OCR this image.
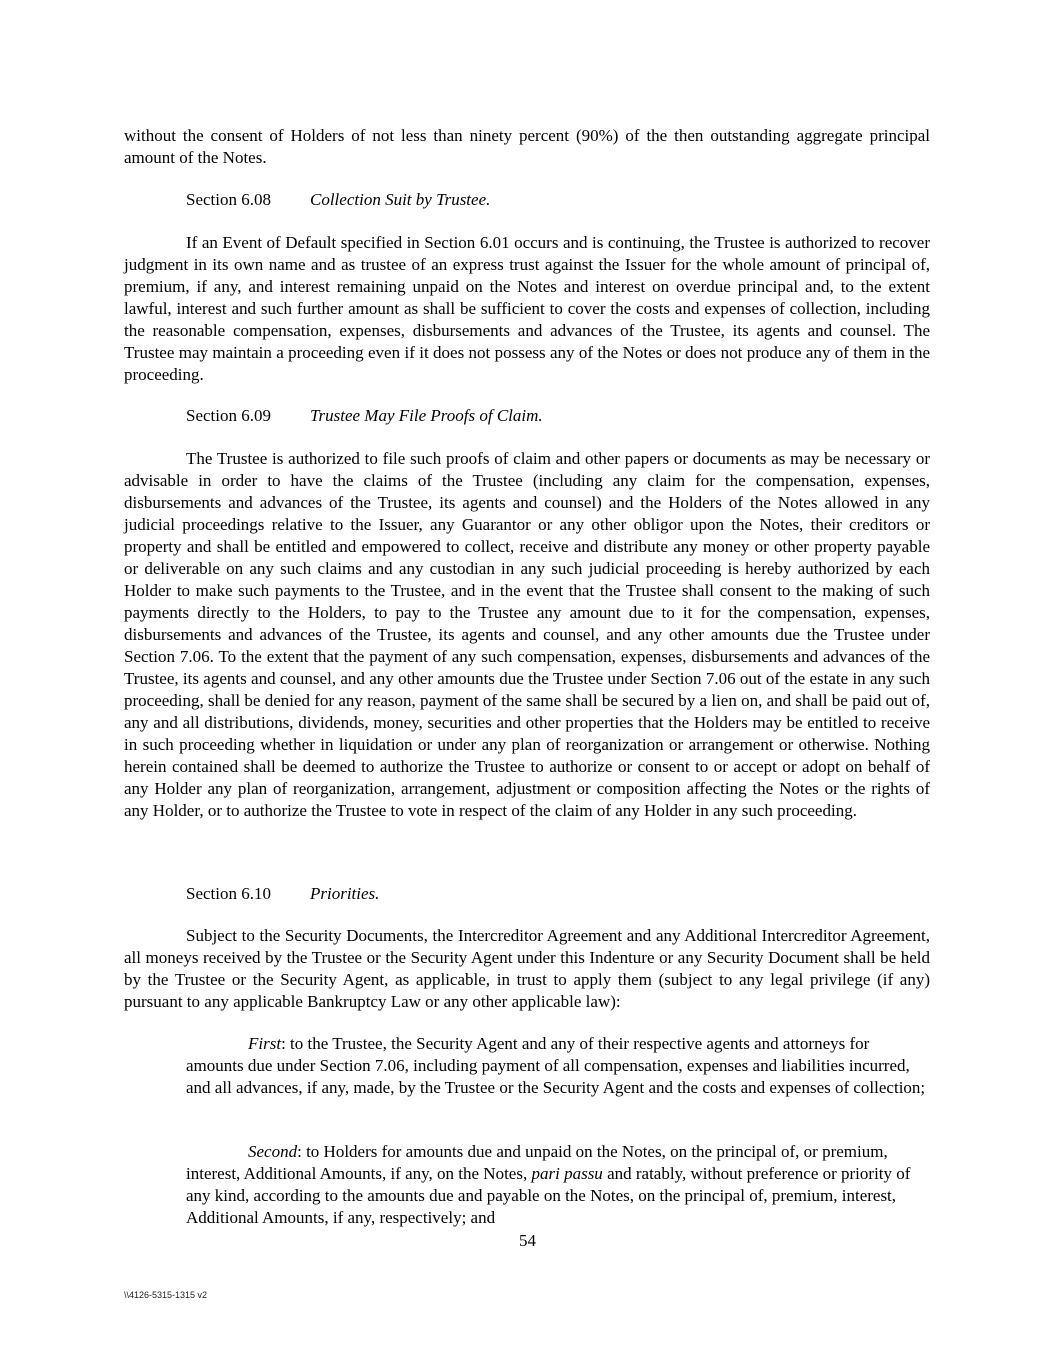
without the consent of Holders of not less than ninety percent (90%) of the then outstanding aggregate principal amount of the Notes.

Section 6.08 Collection Suit by Trustee.

If an Event of Default specified in Section 6.01 occurs and is continuing, the Trustee is authorized to recover judgment in its own name and as trustee of an express trust against the Issuer for the whole amount of principal of, premium, if any, and interest remaining unpaid on the Notes and interest on overdue principal and, to the extent lawful, interest and such further amount as shall be sufficient to cover the costs and expenses of collection, including the reasonable compensation, expenses, disbursements and advances of the Trustee, its agents and counsel. The Trustee may maintain a proceeding even if it does not possess any of the Notes or does not produce any of them in the proceeding.

Section 6.09 Trustee May File Proofs of Claim.

The Trustee is authorized to file such proofs of claim and other papers or documents as may be necessary or advisable in order to have the claims of the Trustee (including any claim for the compensation, expenses, disbursements and advances of the Trustee, its agents and counsel) and the Holders of the Notes allowed in any judicial proceedings relative to the Issuer, any Guarantor or any other obligor upon the Notes, their creditors or property and shall be entitled and empowered to collect, receive and distribute any money or other property payable or deliverable on any such claims and any custodian in any such judicial proceeding is hereby authorized by each Holder to make such payments to the Trustee, and in the event that the Trustee shall consent to the making of such payments directly to the Holders, to pay to the Trustee any amount due to it for the compensation, expenses, disbursements and advances of the Trustee, its agents and counsel, and any other amounts due the Trustee under Section 7.06. To the extent that the payment of any such compensation, expenses, disbursements and advances of the Trustee, its agents and counsel, and any other amounts due the Trustee under Section 7.06 out of the estate in any such proceeding, shall be denied for any reason, payment of the same shall be secured by a lien on, and shall be paid out of, any and all distributions, dividends, money, securities and other properties that the Holders may be entitled to receive in such proceeding whether in liquidation or under any plan of reorganization or arrangement or otherwise. Nothing herein contained shall be deemed to authorize the Trustee to authorize or consent to or accept or adopt on behalf of any Holder any plan of reorganization, arrangement, adjustment or composition affecting the Notes or the rights of any Holder, or to authorize the Trustee to vote in respect of the claim of any Holder in any such proceeding.

Section 6.10 Priorities.

Subject to the Security Documents, the Intercreditor Agreement and any Additional Intercreditor Agreement, all moneys received by the Trustee or the Security Agent under this Indenture or any Security Document shall be held by the Trustee or the Security Agent, as applicable, in trust to apply them (subject to any legal privilege (if any) pursuant to any applicable Bankruptcy Law or any other applicable law):

First: to the Trustee, the Security Agent and any of their respective agents and attorneys for amounts due under Section 7.06, including payment of all compensation, expenses and liabilities incurred, and all advances, if any, made, by the Trustee or the Security Agent and the costs and expenses of collection;

Second: to Holders for amounts due and unpaid on the Notes, on the principal of, or premium, interest, Additional Amounts, if any, on the Notes, pari passu and ratably, without preference or priority of any kind, according to the amounts due and payable on the Notes, on the principal of, premium, interest, Additional Amounts, if any, respectively; and

54
\\4126-5315-1315 v2
